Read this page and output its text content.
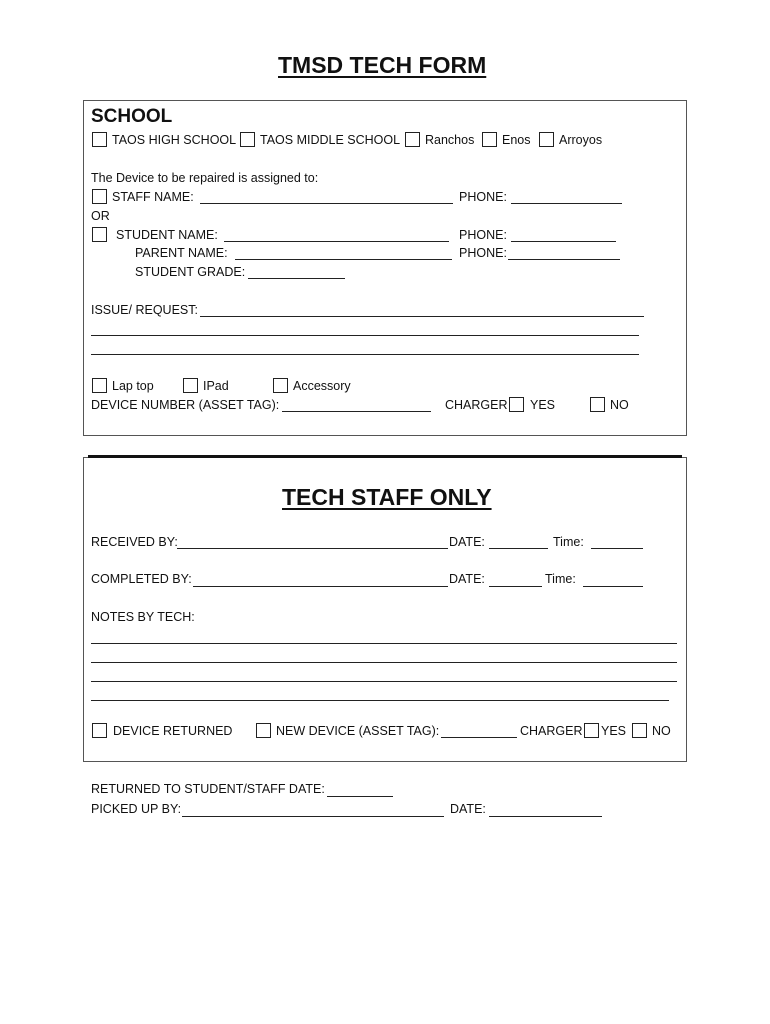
TMSD TECH FORM
SCHOOL
TAOS HIGH SCHOOL TAOS MIDDLE SCHOOL Ranchos Enos Arroyos
The Device to be repaired is assigned to:
STAFF NAME:	PHONE:
OR
STUDENT NAME:	PHONE:
PARENT NAME:	PHONE:
STUDENT GRADE:
ISSUE/ REQUEST:
Lap top	IPad	Accessory
DEVICE NUMBER (ASSET TAG):	CHARGER YES	NO
TECH STAFF ONLY
RECEIVED BY:	DATE:	Time:
COMPLETED BY:	DATE:	Time:
NOTES BY TECH:
DEVICE RETURNED	NEW DEVICE (ASSET TAG):	CHARGER YES NO
RETURNED TO STUDENT/STAFF DATE:
PICKED UP BY:	DATE:
